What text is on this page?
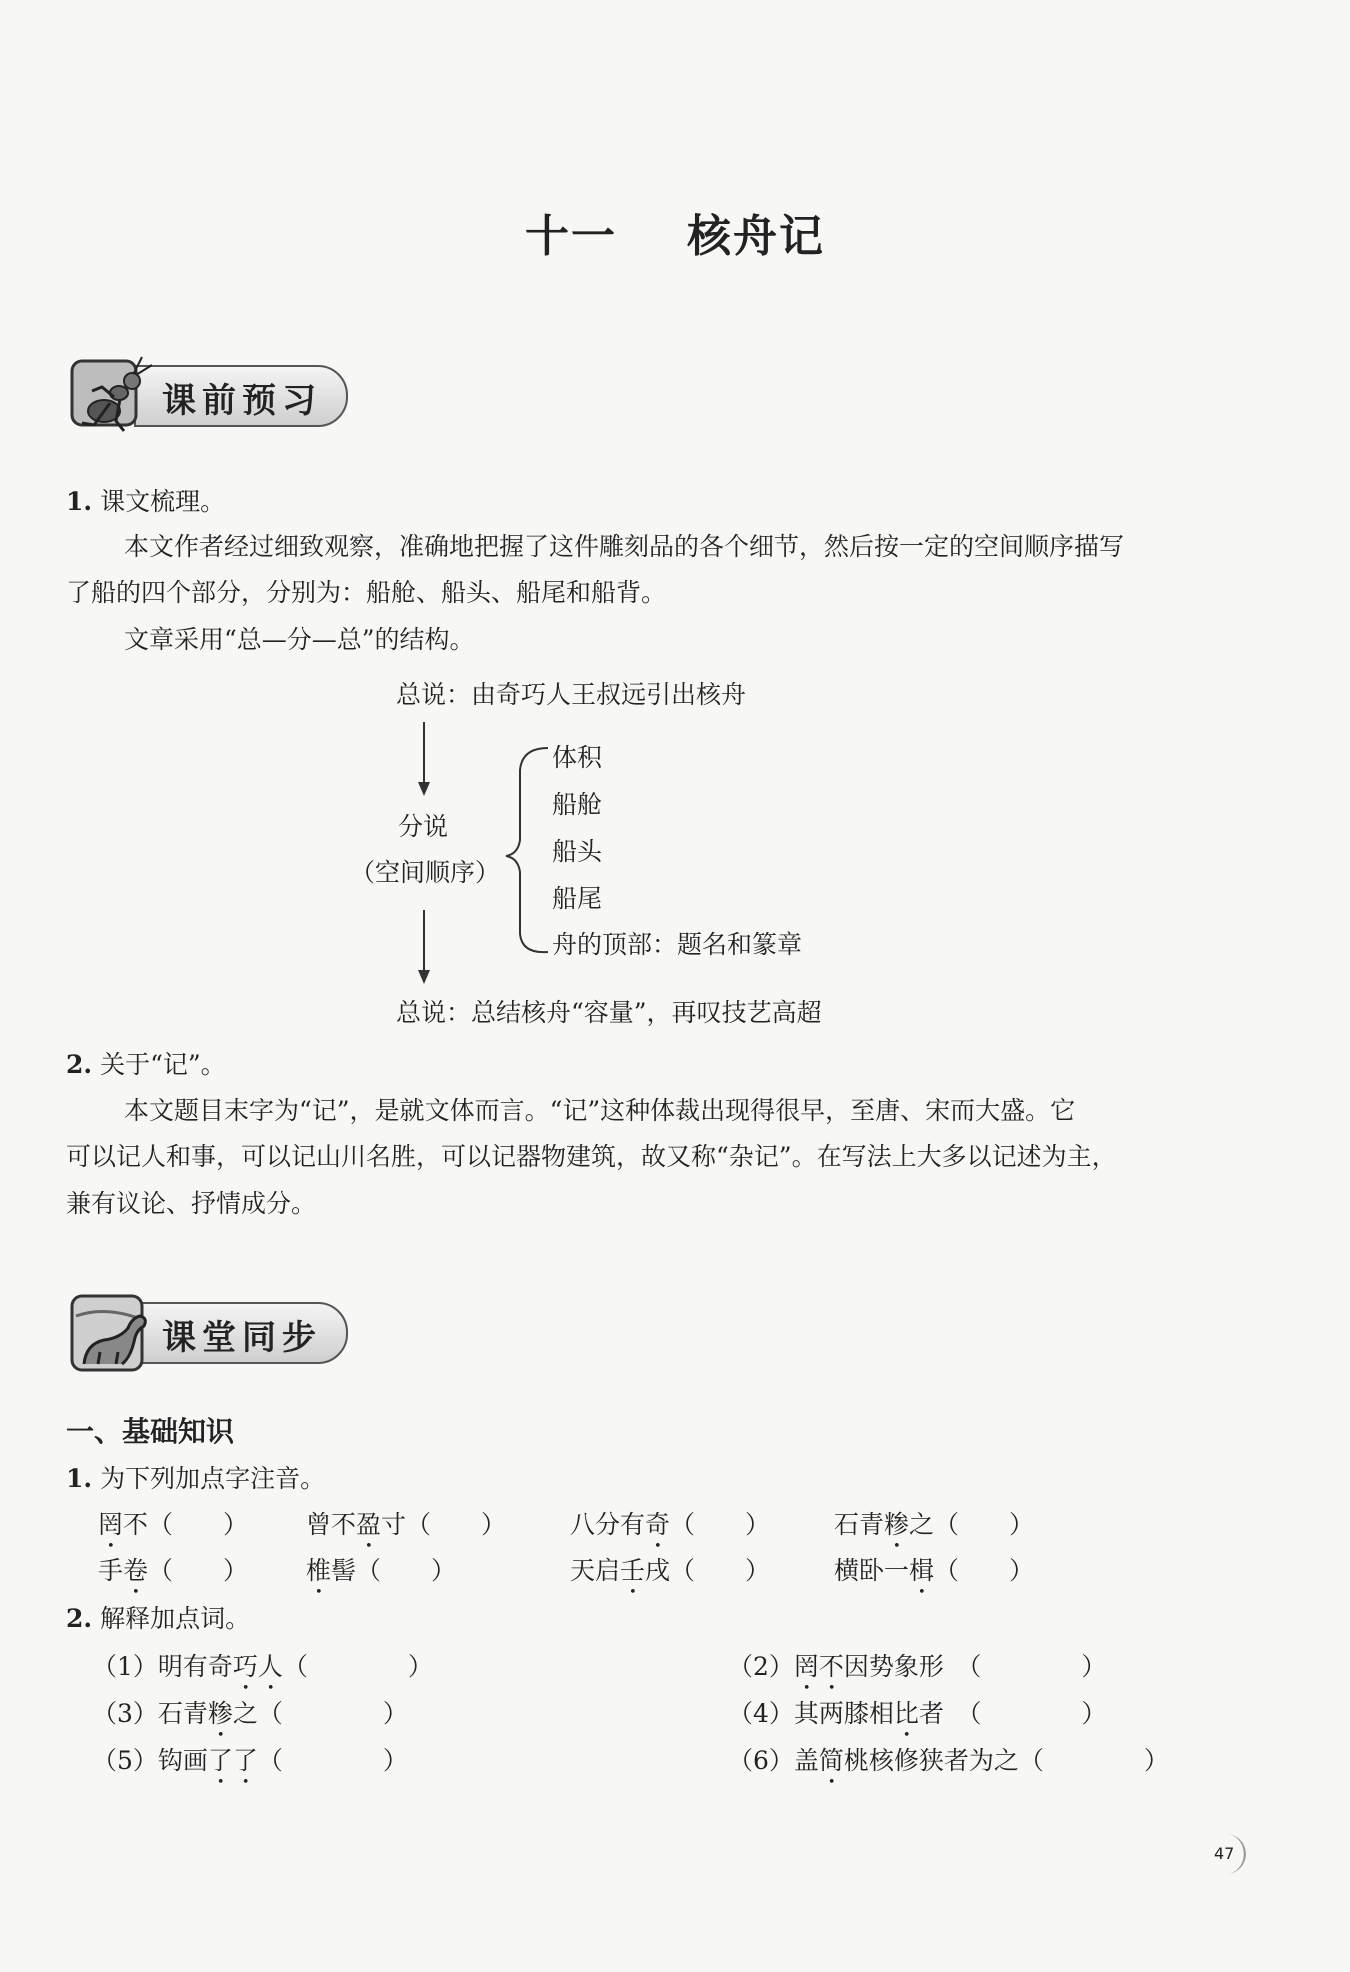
十一 核舟记
课前预习
1. 课文梳理。
本文作者经过细致观察，准确地把握了这件雕刻品的各个细节，然后按一定的空间顺序描写
了船的四个部分，分别为：船舱、船头、船尾和船背。
文章采用“总—分—总”的结构。
总说：由奇巧人王叔远引出核舟
分说
（空间顺序）
体积
船舱
船头
船尾
舟的顶部：题名和篆章
总说：总结核舟“容量”，再叹技艺高超
2. 关于“记”。
本文题目末字为“记”，是就文体而言。“记”这种体裁出现得很早，至唐、宋而大盛。它
可以记人和事，可以记山川名胜，可以记器物建筑，故又称“杂记”。在写法上大多以记述为主，
兼有议论、抒情成分。
课堂同步
一、基础知识
1. 为下列加点字注音。
罔不（　　） 曾不盈寸（　　）	八分有奇（　　）	石青糁之（　　）
手卷（　　） 椎髻（　　）	天启壬戌（　　）	横卧一楫（　　）
2. 解释加点词。
（1）明有奇巧人（　　　　）	（2）罔不因势象形　（　　　　）
（3）石青糁之（　　　　）	（4）其两膝相比者　（　　　　）
（5）钩画了了（　　　　）	（6）盖简桃核修狭者为之（　　　　）
47
